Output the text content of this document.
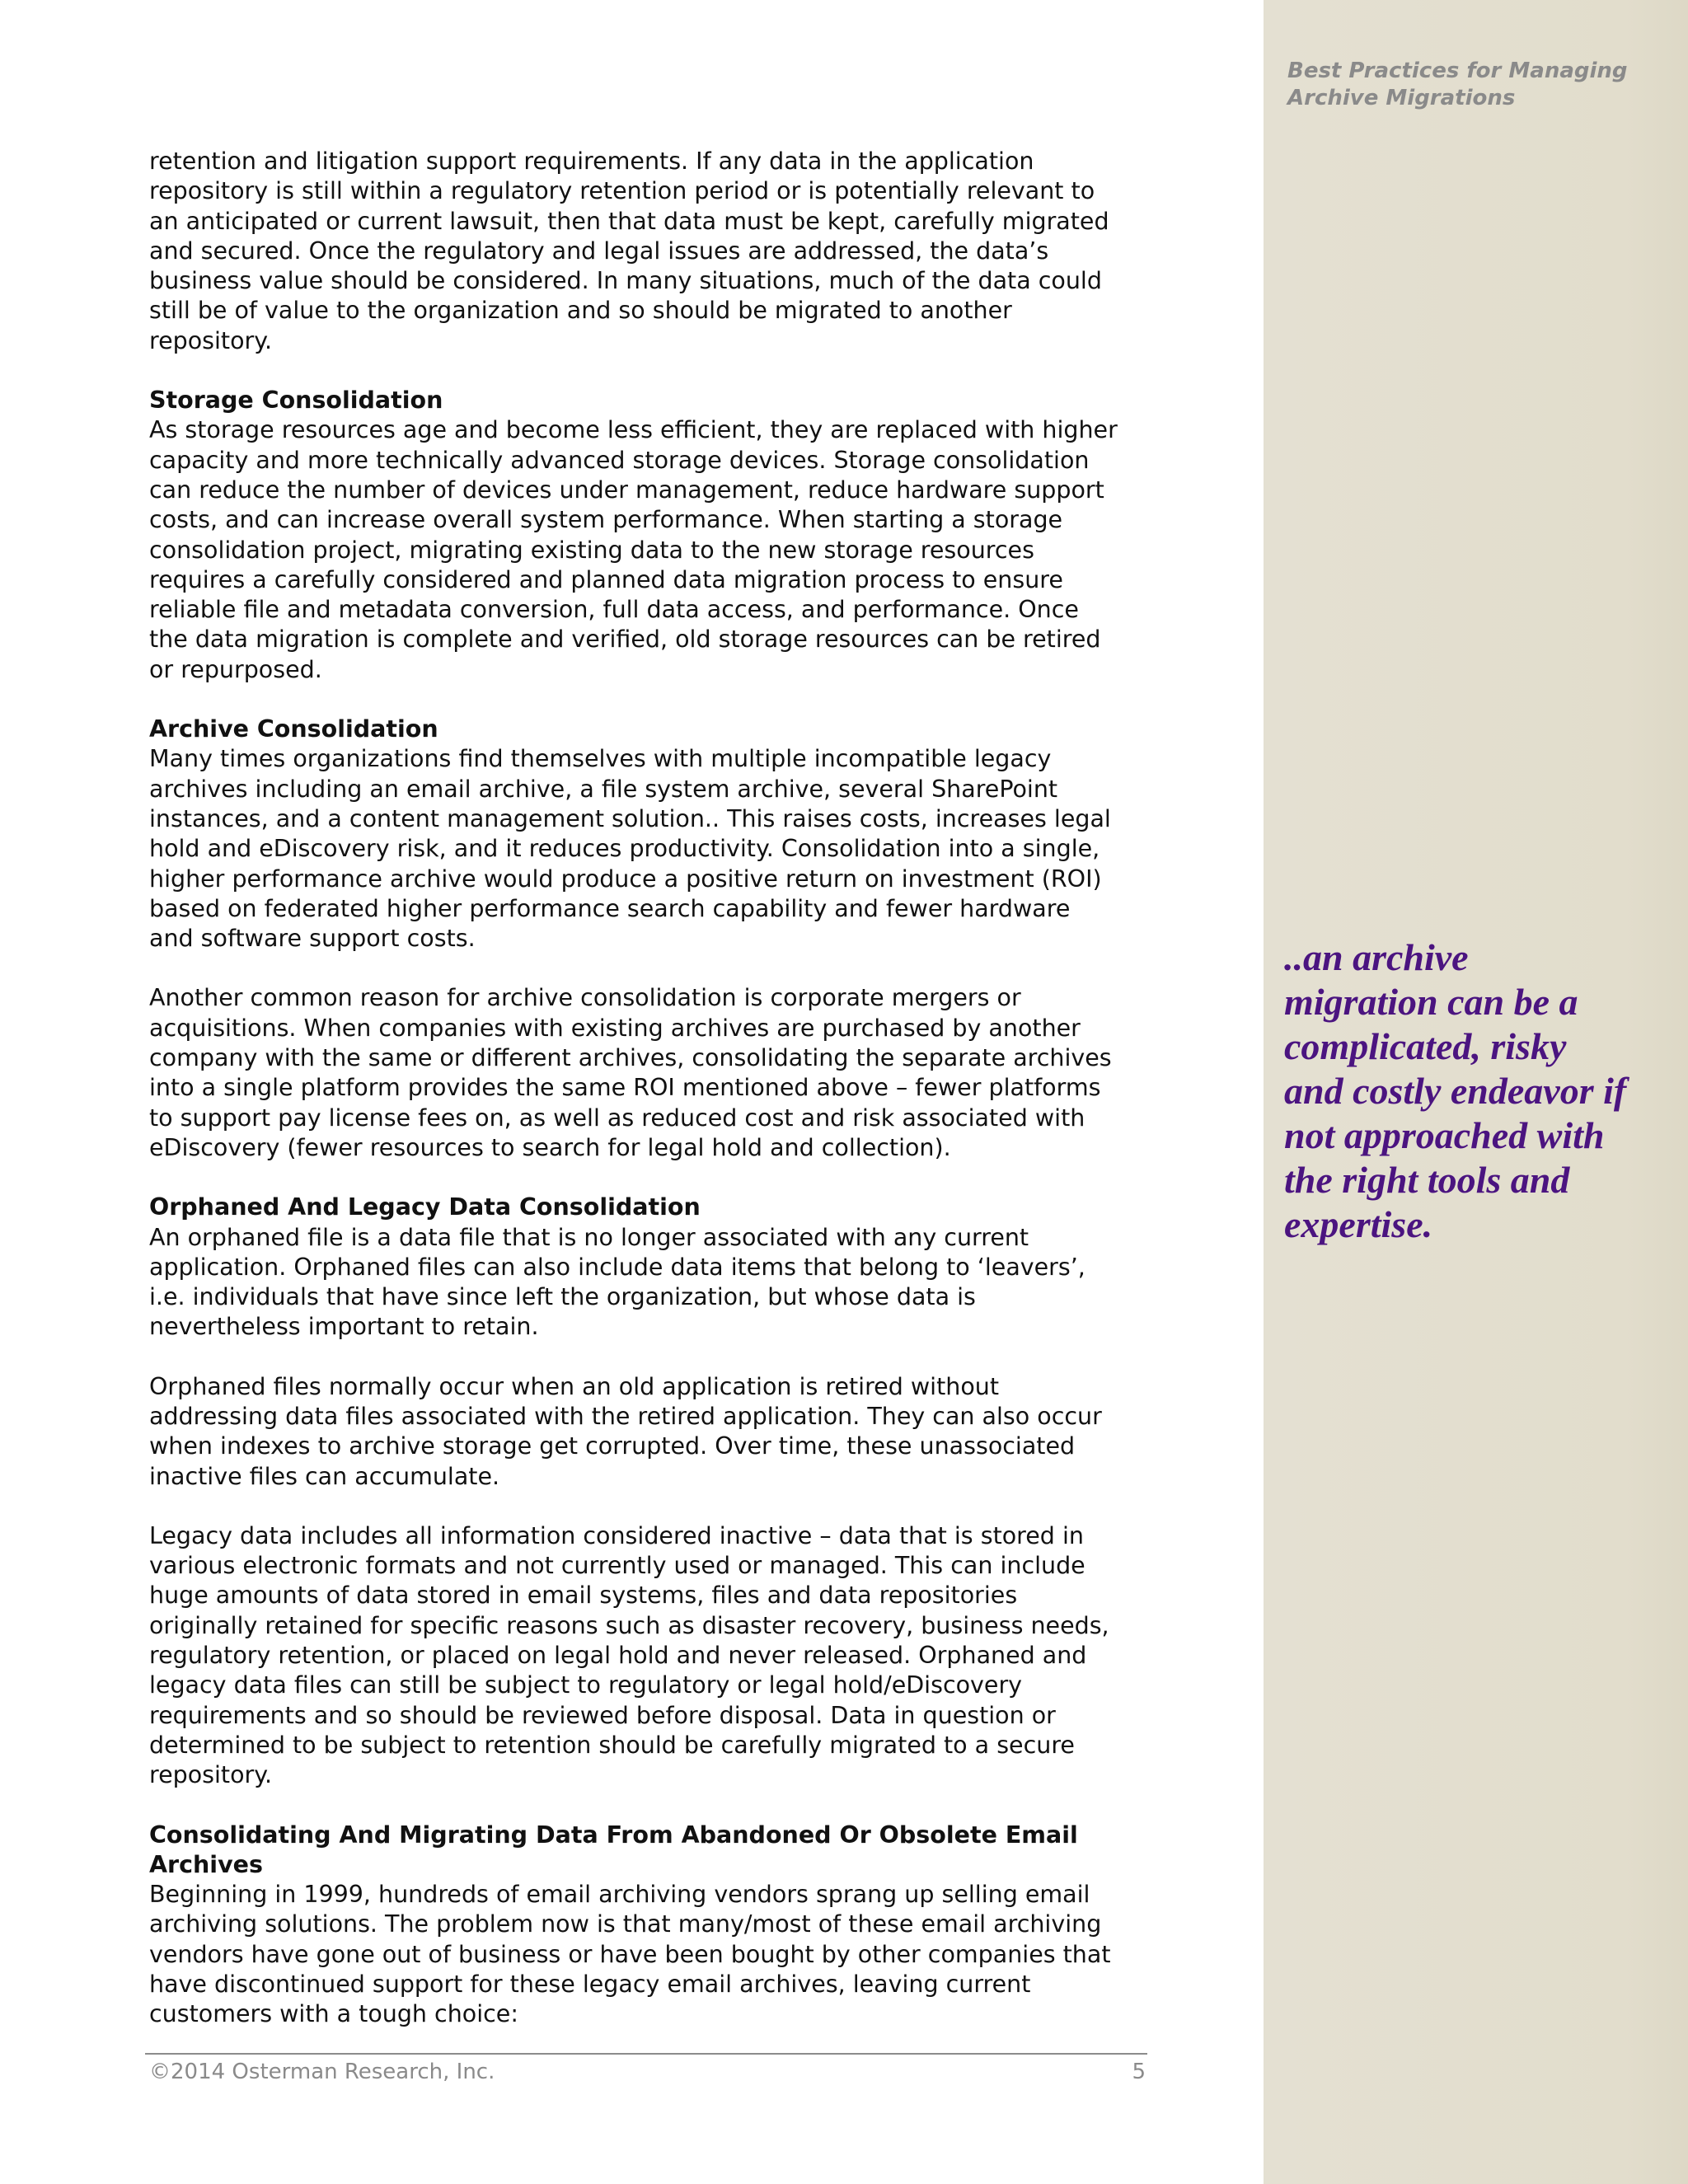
Best Practices for Managing
Archive Migrations
..an archive migration can be a complicated, risky and costly endeavor if not approached with the right tools and expertise.

retention and litigation support requirements. If any data in the application repository is still within a regulatory retention period or is potentially relevant to an anticipated or current lawsuit, then that data must be kept, carefully migrated and secured. Once the regulatory and legal issues are addressed, the data’s business value should be considered. In many situations, much of the data could still be of value to the organization and so should be migrated to another repository.

Storage Consolidation

As storage resources age and become less efficient, they are replaced with higher capacity and more technically advanced storage devices. Storage consolidation can reduce the number of devices under management, reduce hardware support costs, and can increase overall system performance. When starting a storage consolidation project, migrating existing data to the new storage resources requires a carefully considered and planned data migration process to ensure reliable file and metadata conversion, full data access, and performance. Once the data migration is complete and verified, old storage resources can be retired or repurposed.

Archive Consolidation

Many times organizations find themselves with multiple incompatible legacy archives including an email archive, a file system archive, several SharePoint instances, and a content management solution.. This raises costs, increases legal hold and eDiscovery risk, and it reduces productivity. Consolidation into a single, higher performance archive would produce a positive return on investment (ROI) based on federated higher performance search capability and fewer hardware and software support costs.

Another common reason for archive consolidation is corporate mergers or acquisitions. When companies with existing archives are purchased by another company with the same or different archives, consolidating the separate archives into a single platform provides the same ROI mentioned above – fewer platforms to support pay license fees on, as well as reduced cost and risk associated with eDiscovery (fewer resources to search for legal hold and collection).

Orphaned And Legacy Data Consolidation

An orphaned file is a data file that is no longer associated with any current application. Orphaned files can also include data items that belong to ‘leavers’, i.e. individuals that have since left the organization, but whose data is nevertheless important to retain.

Orphaned files normally occur when an old application is retired without addressing data files associated with the retired application. They can also occur when indexes to archive storage get corrupted. Over time, these unassociated inactive files can accumulate.

Legacy data includes all information considered inactive – data that is stored in various electronic formats and not currently used or managed. This can include huge amounts of data stored in email systems, files and data repositories originally retained for specific reasons such as disaster recovery, business needs, regulatory retention, or placed on legal hold and never released. Orphaned and legacy data files can still be subject to regulatory or legal hold/eDiscovery requirements and so should be reviewed before disposal. Data in question or determined to be subject to retention should be carefully migrated to a secure repository.

Consolidating And Migrating Data From Abandoned Or Obsolete Email Archives

Beginning in 1999, hundreds of email archiving vendors sprang up selling email archiving solutions. The problem now is that many/most of these email archiving vendors have gone out of business or have been bought by other companies that have discontinued support for these legacy email archives, leaving current customers with a tough choice:

©2014 Osterman Research, Inc.	5
